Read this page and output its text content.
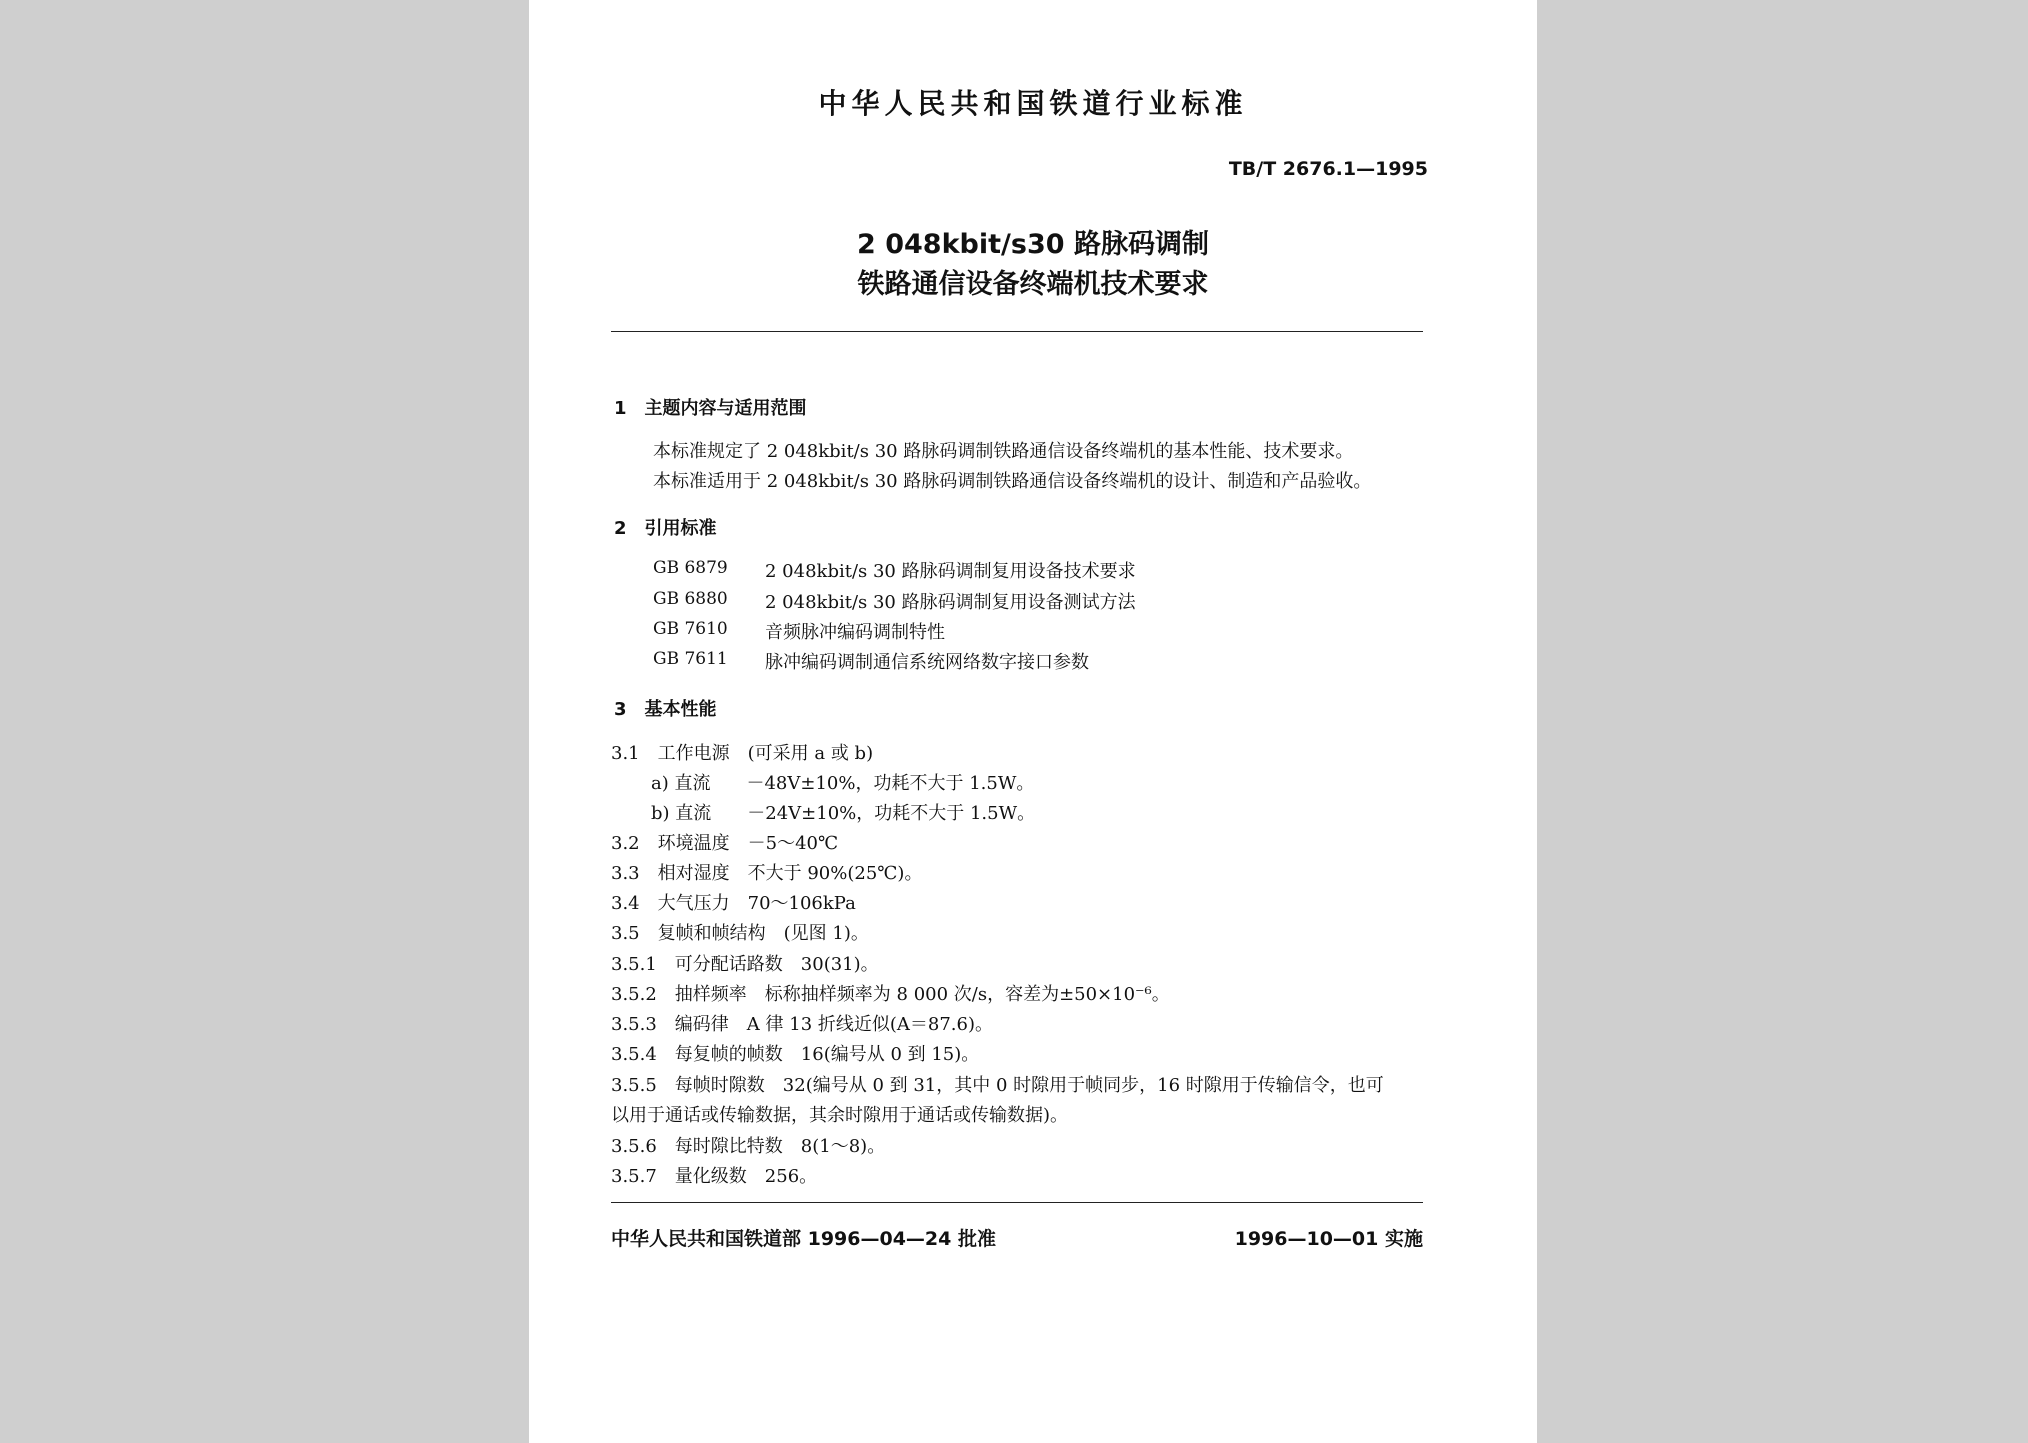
中华人民共和国铁道行业标准
TB/T 2676.1—1995
2 048kbit/s30 路脉码调制
铁路通信设备终端机技术要求
1　主题内容与适用范围
本标准规定了 2 048kbit/s 30 路脉码调制铁路通信设备终端机的基本性能、技术要求。
本标准适用于 2 048kbit/s 30 路脉码调制铁路通信设备终端机的设计、制造和产品验收。
2　引用标准
GB 6879 2 048kbit/s 30 路脉码调制复用设备技术要求
GB 6880 2 048kbit/s 30 路脉码调制复用设备测试方法
GB 7610 音频脉冲编码调制特性
GB 7611 脉冲编码调制通信系统网络数字接口参数
3　基本性能
3.1　工作电源　(可采用 a 或 b)
a) 直流　　－48V±10%，功耗不大于 1.5W。
b) 直流　　－24V±10%，功耗不大于 1.5W。
3.2　环境温度　－5～40℃
3.3　相对湿度　不大于 90%(25℃)。
3.4　大气压力　70～106kPa
3.5　复帧和帧结构　(见图 1)。
3.5.1　可分配话路数　30(31)。
3.5.2　抽样频率　标称抽样频率为 8 000 次/s，容差为±50×10⁻⁶。
3.5.3　编码律　A 律 13 折线近似(A＝87.6)。
3.5.4　每复帧的帧数　16(编号从 0 到 15)。
3.5.5　每帧时隙数　32(编号从 0 到 31，其中 0 时隙用于帧同步，16 时隙用于传输信令，也可
以用于通话或传输数据，其余时隙用于通话或传输数据)。
3.5.6　每时隙比特数　8(1～8)。
3.5.7　量化级数　256。
中华人民共和国铁道部 1996—04—24 批准	1996—10—01 实施
